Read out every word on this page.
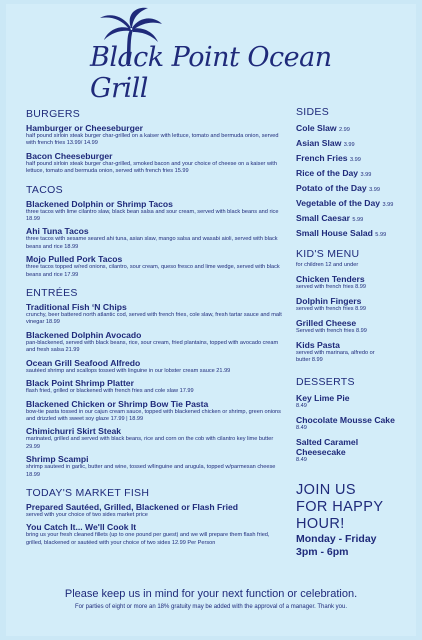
Black Point Ocean Grill
BURGERS
Hamburger or Cheeseburger
half pound sirloin steak burger char-grilled on a kaiser with lettuce, tomato and bermuda onion, served with french fries 13.99/ 14.99
Bacon Cheeseburger
half pound sirloin steak burger char-grilled, smoked bacon and your choice of cheese on a kaiser with lettuce, tomato and bermuda onion, served with french fries 15.99
TACOS
Blackened Dolphin or Shrimp Tacos
three tacos with lime cilantro slaw, black bean salsa and sour cream, served with black beans and rice 18.99
Ahi Tuna Tacos
three tacos with sesame seared ahi tuna, asian slaw, mango salsa and wasabi aioli, served with black beans and rice 18.99
Mojo Pulled Pork Tacos
three tacos topped w/red onions, cilantro, sour cream, queso fresco and lime wedge, served with black beans and rice 17.99
ENTRÉES
Traditional Fish ‘N Chips
crunchy, beer battered north atlantic cod, served with french fries, cole slaw, fresh tartar sauce and malt vinegar 18.99
Blackened Dolphin Avocado
pan-blackened, served with black beans, rice, sour cream, fried plantains, topped with avocado cream and fresh salsa 21.99
Ocean Grill Seafood Alfredo
sautéed shrimp and scallops tossed with linguine in our lobster cream sauce 21.99
Black Point Shrimp Platter
flash fried, grilled or blackened with french fries and cole slaw 17.99
Blackened Chicken or Shrimp Bow Tie Pasta
bow-tie pasta tossed in our cajun cream sauce, topped with blackened chicken or shrimp, green onions and drizzled with sweet soy glaze 17.99 | 18.99
Chimichurri Skirt Steak
marinated, grilled and served with black beans, rice and corn on the cob with cilantro key lime butter 29.99
Shrimp Scampi
shrimp sauteed in garlic, butter and wine, tossed w/linguine and arugula, topped w/parmesan cheese 18.99
TODAY'S MARKET FISH
Prepared Sautéed, Grilled, Blackened or Flash Fried
served with your choice of two sides market price
You Catch It... We'll Cook It
bring us your fresh cleaned fillets (up to one pound per guest) and we will prepare them flash fried, grilled, blackened or sautéed with your choice of two sides 12.99 Per Person
SIDES
Cole Slaw 2.99
Asian Slaw 3.99
French Fries 3.99
Rice of the Day 3.99
Potato of the Day 3.99
Vegetable of the Day 3.99
Small Caesar 5.99
Small House Salad 5.99
KID'S MENU
for children 12 and under
Chicken Tenders
served with french fries 8.99
Dolphin Fingers
served with french fries 8.99
Grilled Cheese
Served with french fries 8.99
Kids Pasta
served with marinara, alfredo or butter 8.99
DESSERTS
Key Lime Pie
8.49
Chocolate Mousse Cake
8.49
Salted Caramel Cheesecake
8.49
JOIN US
FOR HAPPY
HOUR!
Monday - Friday
3pm - 6pm
Please keep us in mind for your next function or celebration.
For parties of eight or more an 18% gratuity may be added with the approval of a manager. Thank you.
